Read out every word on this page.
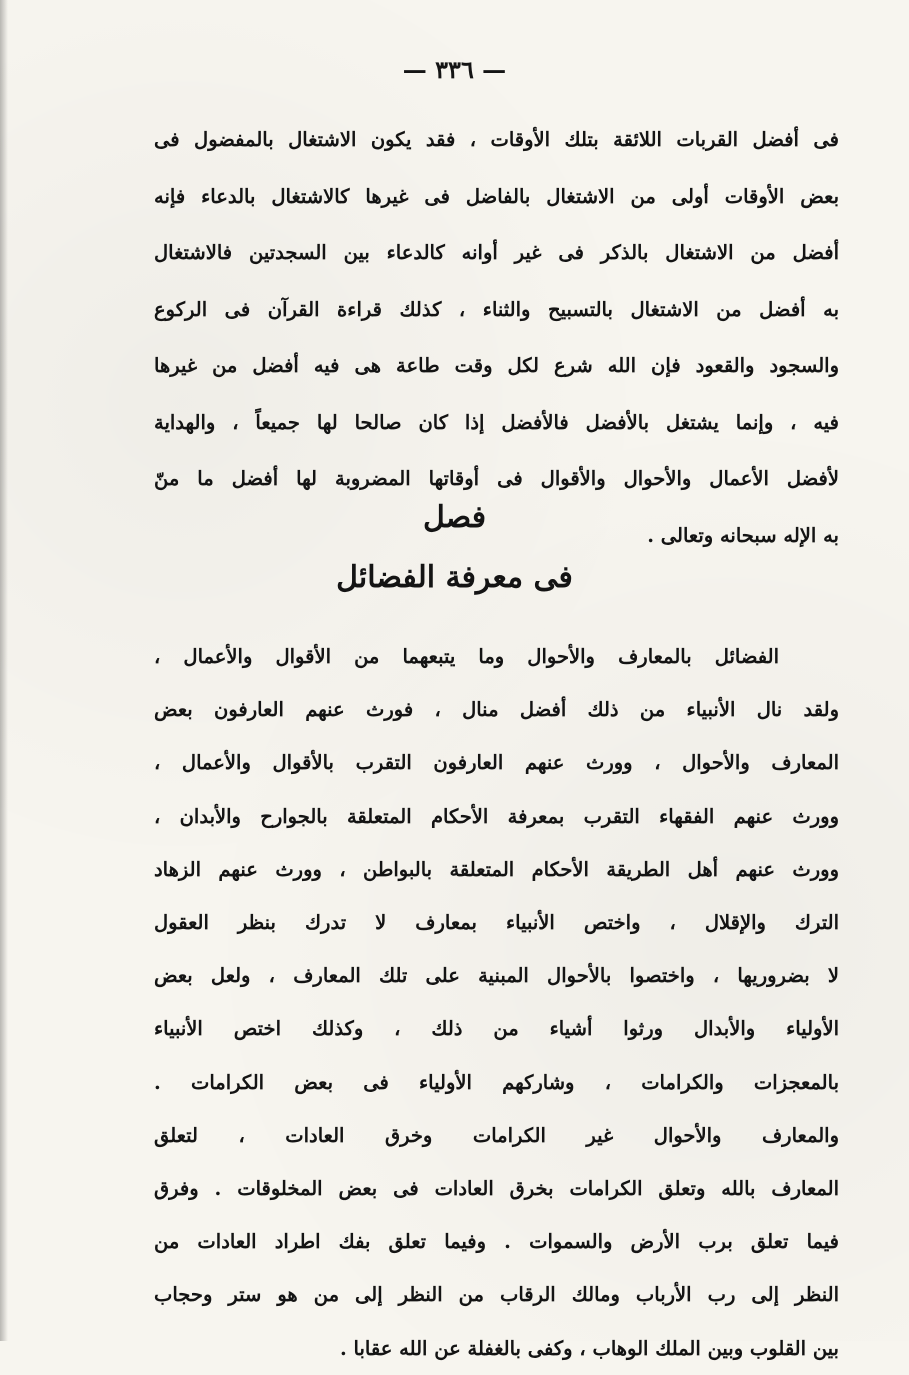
— ٣٣٦ —
فى أفضل القربات اللائقة بتلك الأوقات ، فقد يكون الاشتغال بالمفضول فى
بعض الأوقات أولى من الاشتغال بالفاضل فى غيرها كالاشتغال بالدعاء فإنه
أفضل من الاشتغال بالذكر فى غير أوانه كالدعاء بين السجدتين فالاشتغال
به أفضل من الاشتغال بالتسبيح والثناء ، كذلك قراءة القرآن فى الركوع
والسجود والقعود فإن الله شرع لكل وقت طاعة هى فيه أفضل من غيرها
فيه ، وإنما يشتغل بالأفضل فالأفضل إذا كان صالحا لها جميعاً ، والهداية
لأفضل الأعمال والأحوال والأقوال فى أوقاتها المضروبة لها أفضل ما منّ
به الإله سبحانه وتعالى .
فصل
فى معرفة الفضائل
الفضائل بالمعارف والأحوال وما يتبعهما من الأقوال والأعمال ،
ولقد نال الأنبياء من ذلك أفضل منال ، فورث عنهم العارفون بعض
المعارف والأحوال ، وورث عنهم العارفون التقرب بالأقوال والأعمال ،
وورث عنهم الفقهاء التقرب بمعرفة الأحكام المتعلقة بالجوارح والأبدان ،
وورث عنهم أهل الطريقة الأحكام المتعلقة بالبواطن ، وورث عنهم الزهاد
الترك والإقلال ، واختص الأنبياء بمعارف لا تدرك بنظر العقول
لا بضروريها ، واختصوا بالأحوال المبنية على تلك المعارف ، ولعل بعض
الأولياء والأبدال ورثوا أشياء من ذلك ، وكذلك اختص الأنبياء
بالمعجزات والكرامات ، وشاركهم الأولياء فى بعض الكرامات .
والمعارف والأحوال غير الكرامات وخرق العادات ، لتعلق
المعارف بالله وتعلق الكرامات بخرق العادات فى بعض المخلوقات . وفرق
فيما تعلق برب الأرض والسموات . وفيما تعلق بفك اطراد العادات من
النظر إلى رب الأرباب ومالك الرقاب من النظر إلى من هو ستر وحجاب
بين القلوب وبين الملك الوهاب ، وكفى بالغفلة عن الله عقابا .
